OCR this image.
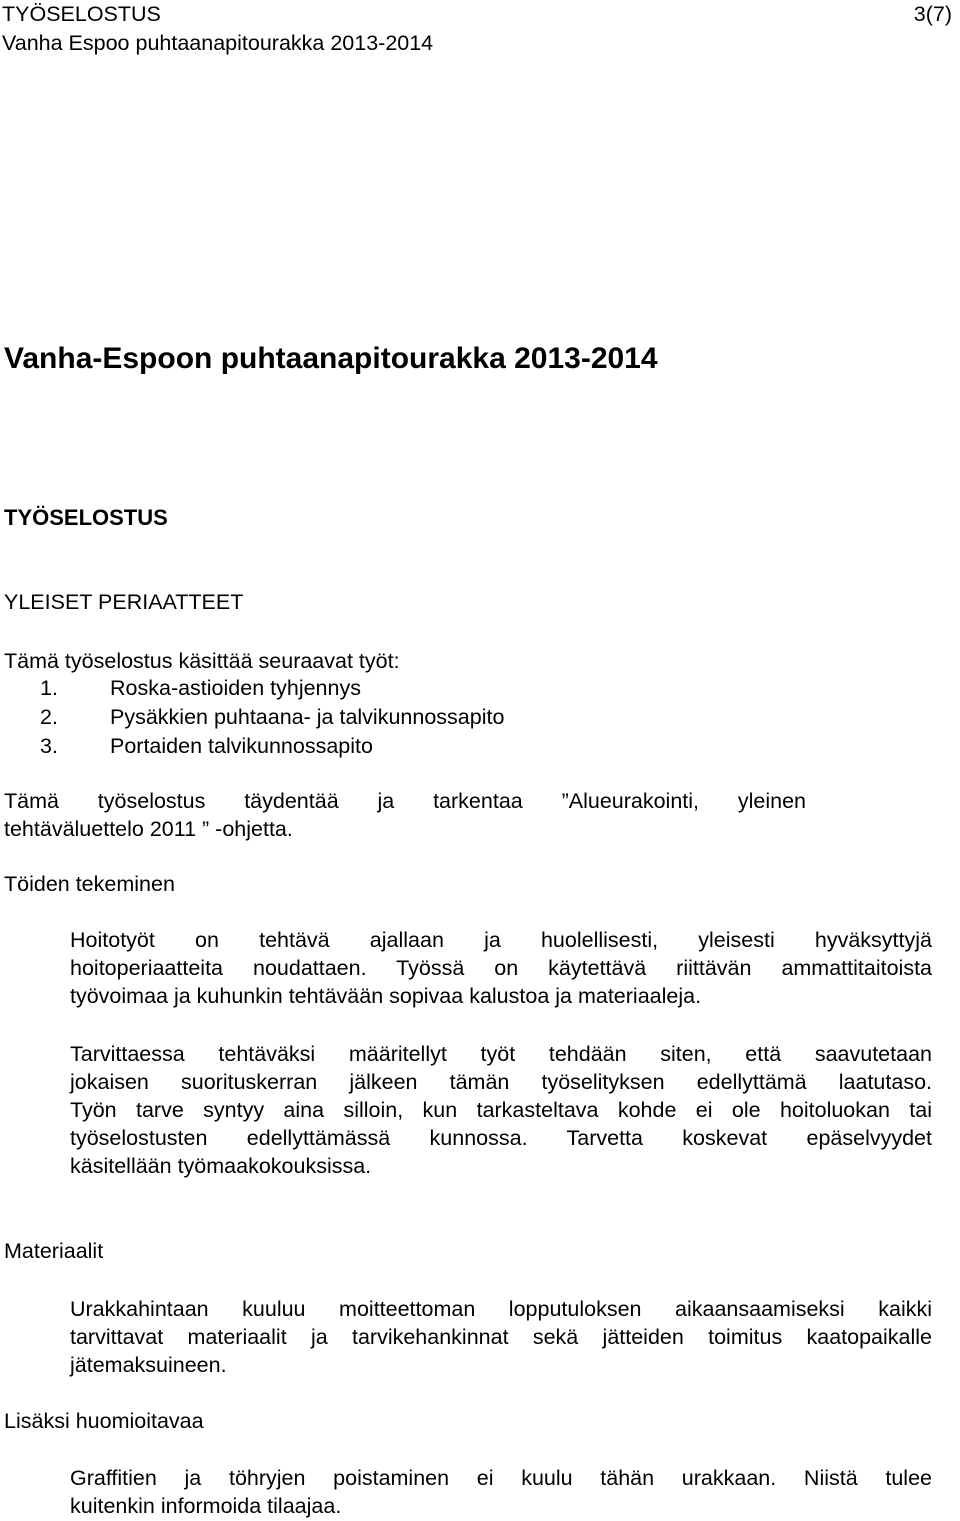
TYÖSELOSTUS
Vanha Espoo puhtaanapitourakka 2013-2014
3(7)
Vanha-Espoon puhtaanapitourakka 2013-2014
TYÖSELOSTUS
YLEISET PERIAATTEET
Tämä työselostus käsittää seuraavat työt:
1.	Roska-astioiden tyhjennys
2.	Pysäkkien puhtaana- ja talvikunnossapito
3.	Portaiden talvikunnossapito

Tämä työselostus täydentää ja tarkentaa ”Alueurakointi, yleinen
tehtäväluettelo 2011 ” -ohjetta.

Töiden tekeminen

Hoitotyöt on tehtävä ajallaan ja huolellisesti, yleisesti hyväksyttyjä
hoitoperiaatteita noudattaen. Työssä on käytettävä riittävän ammattitaitoista
työvoimaa ja kuhunkin tehtävään sopivaa kalustoa ja materiaaleja.

Tarvittaessa tehtäväksi määritellyt työt tehdään siten, että saavutetaan
jokaisen suorituskerran jälkeen tämän työselityksen edellyttämä laatutaso.
Työn tarve syntyy aina silloin, kun tarkasteltava kohde ei ole hoitoluokan tai
työselostusten edellyttämässä kunnossa. Tarvetta koskevat epäselvyydet
käsitellään työmaakokouksissa.

Materiaalit

Urakkahintaan kuuluu moitteettoman lopputuloksen aikaansaamiseksi kaikki
tarvittavat materiaalit ja tarvikehankinnat sekä jätteiden toimitus kaatopaikalle
jätemaksuineen.

Lisäksi huomioitavaa

Graffitien ja töhryjen poistaminen ei kuulu tähän urakkaan. Niistä tulee
kuitenkin informoida tilaajaa.
